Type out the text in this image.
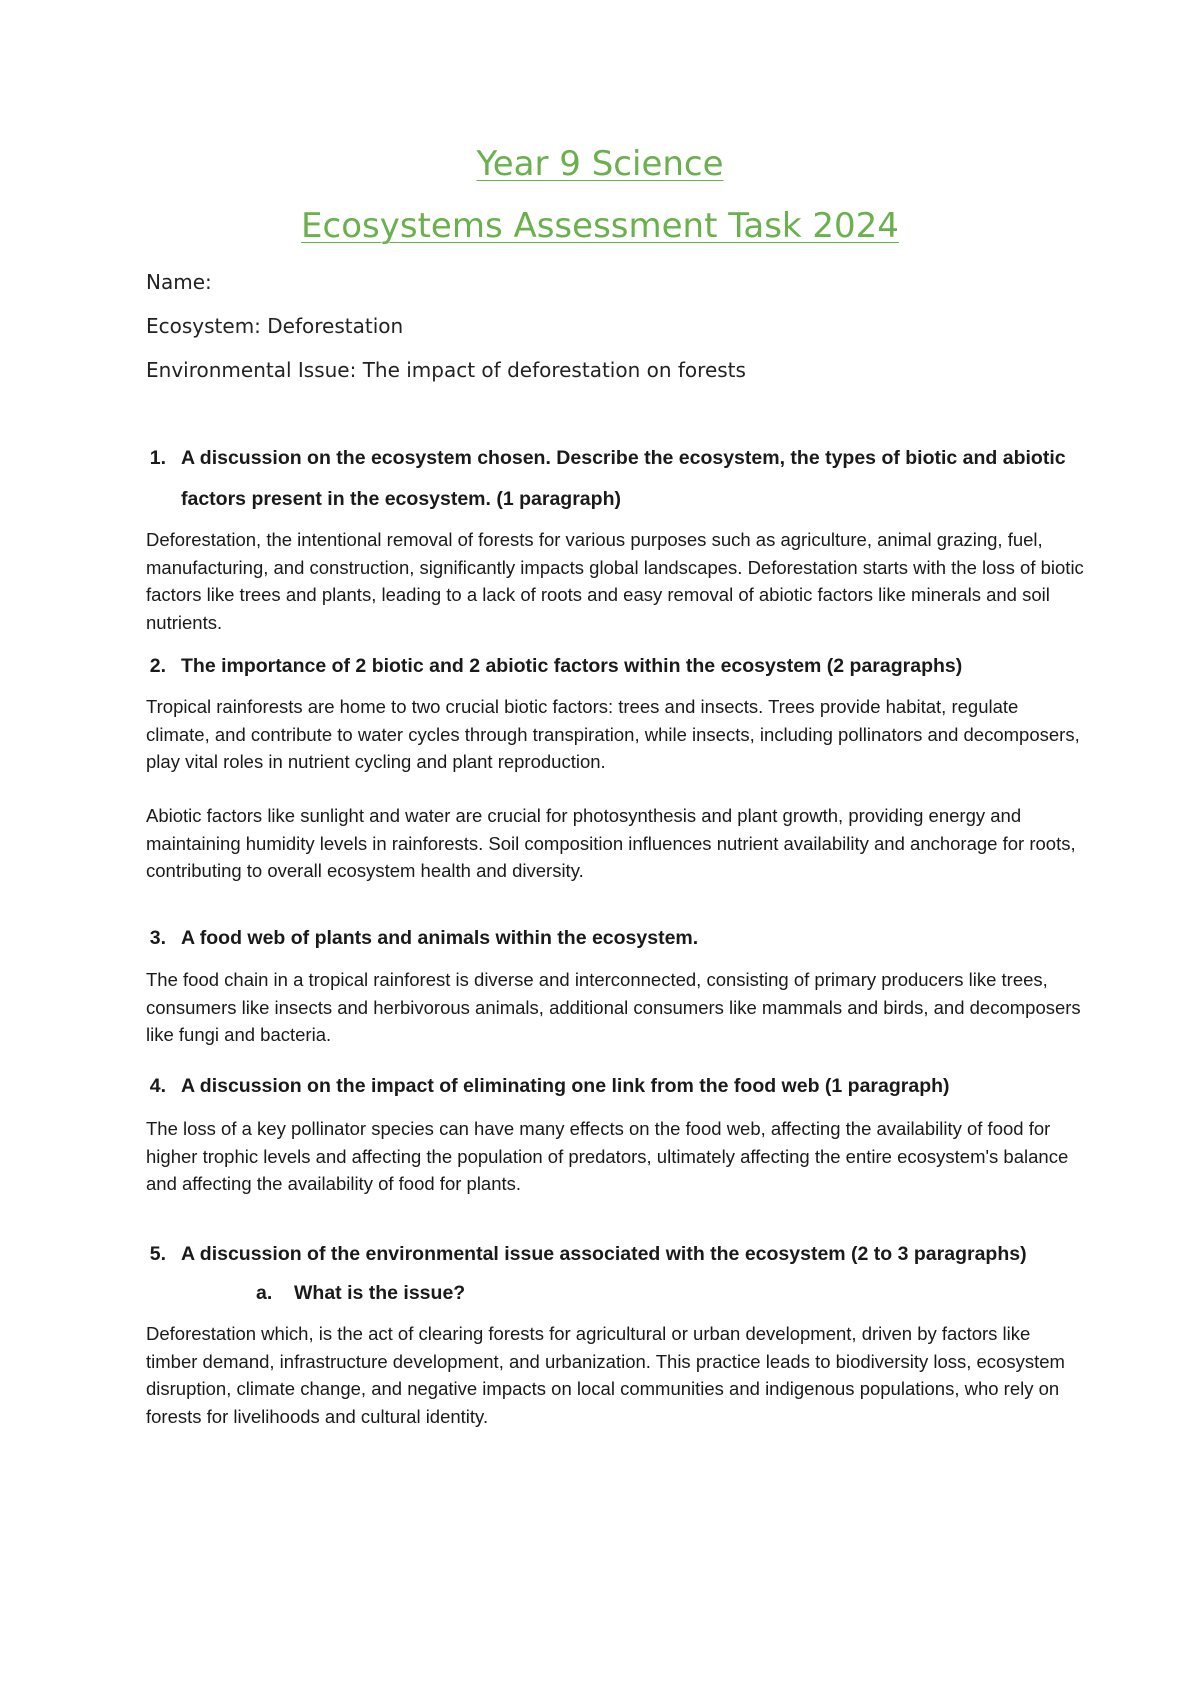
Year 9 Science
Ecosystems Assessment Task 2024
Name:
Ecosystem: Deforestation
Environmental Issue: The impact of deforestation on forests
1. A discussion on the ecosystem chosen. Describe the ecosystem, the types of biotic and abiotic factors present in the ecosystem. (1 paragraph)
Deforestation, the intentional removal of forests for various purposes such as agriculture, animal grazing, fuel, manufacturing, and construction, significantly impacts global landscapes. Deforestation starts with the loss of biotic factors like trees and plants, leading to a lack of roots and easy removal of abiotic factors like minerals and soil nutrients.
2. The importance of 2 biotic and 2 abiotic factors within the ecosystem (2 paragraphs)
Tropical rainforests are home to two crucial biotic factors: trees and insects. Trees provide habitat, regulate climate, and contribute to water cycles through transpiration, while insects, including pollinators and decomposers, play vital roles in nutrient cycling and plant reproduction.
Abiotic factors like sunlight and water are crucial for photosynthesis and plant growth, providing energy and maintaining humidity levels in rainforests. Soil composition influences nutrient availability and anchorage for roots, contributing to overall ecosystem health and diversity.
3. A food web of plants and animals within the ecosystem.
The food chain in a tropical rainforest is diverse and interconnected, consisting of primary producers like trees, consumers like insects and herbivorous animals, additional consumers like mammals and birds, and decomposers like fungi and bacteria.
4. A discussion on the impact of eliminating one link from the food web (1 paragraph)
The loss of a key pollinator species can have many effects on the food web, affecting the availability of food for higher trophic levels and affecting the population of predators, ultimately affecting the entire ecosystem's balance and affecting the availability of food for plants.
5. A discussion of the environmental issue associated with the ecosystem (2 to 3 paragraphs)
a. What is the issue?
Deforestation which, is the act of clearing forests for agricultural or urban development, driven by factors like timber demand, infrastructure development, and urbanization. This practice leads to biodiversity loss, ecosystem disruption, climate change, and negative impacts on local communities and indigenous populations, who rely on forests for livelihoods and cultural identity.
